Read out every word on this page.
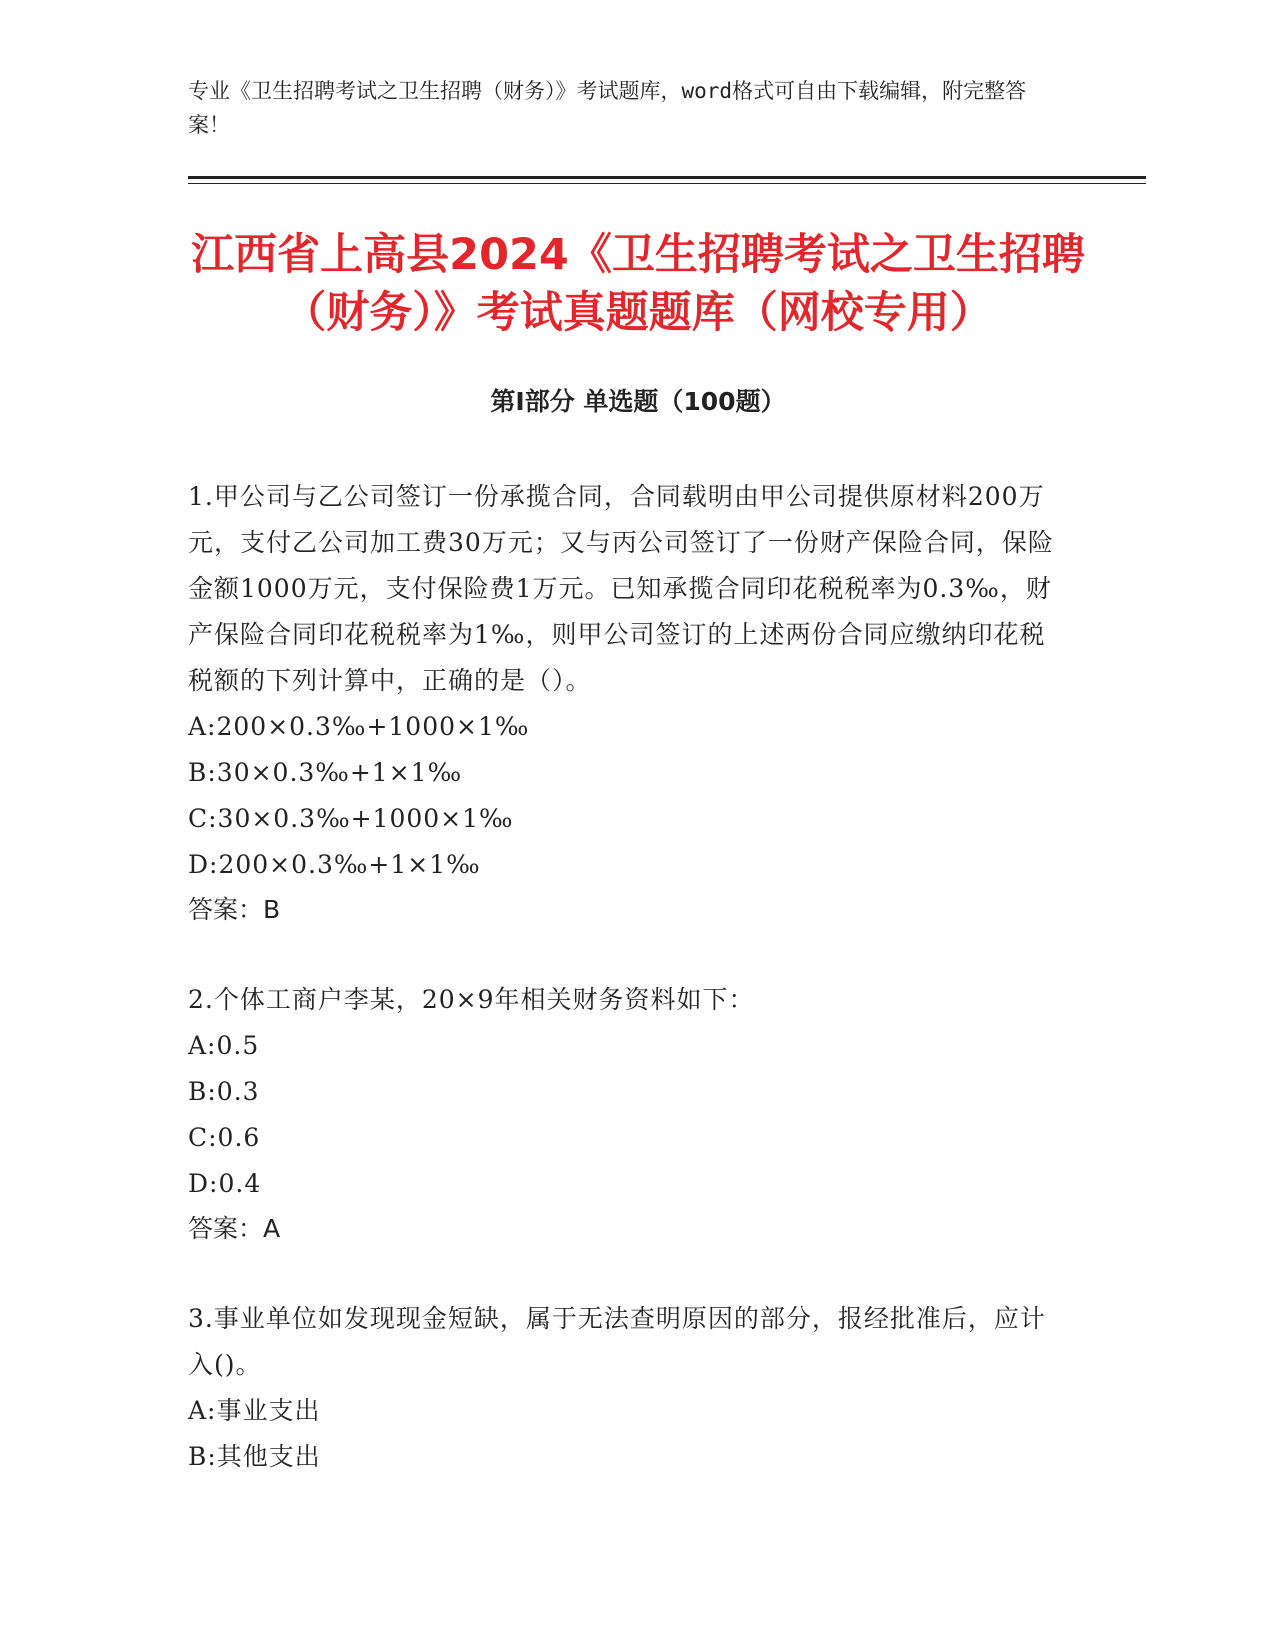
专业《卫生招聘考试之卫生招聘（财务）》考试题库，word格式可自由下载编辑，附完整答案！
江西省上高县2024《卫生招聘考试之卫生招聘（财务）》考试真题题库（网校专用）
第Ⅰ部分 单选题（100题）

1.甲公司与乙公司签订一份承揽合同，合同载明由甲公司提供原材料200万元，支付乙公司加工费30万元；又与丙公司签订了一份财产保险合同，保险金额1000万元，支付保险费1万元。已知承揽合同印花税税率为0.3‰，财产保险合同印花税税率为1‰，则甲公司签订的上述两份合同应缴纳印花税税额的下列计算中，正确的是（）。

A:200×0.3‰+1000×1‰

B:30×0.3‰+1×1‰

C:30×0.3‰+1000×1‰

D:200×0.3‰+1×1‰

答案：B

2.个体工商户李某，20×9年相关财务资料如下：

A:0.5

B:0.3

C:0.6

D:0.4

答案：A

3.事业单位如发现现金短缺，属于无法查明原因的部分，报经批准后，应计入()。

A:事业支出

B:其他支出
